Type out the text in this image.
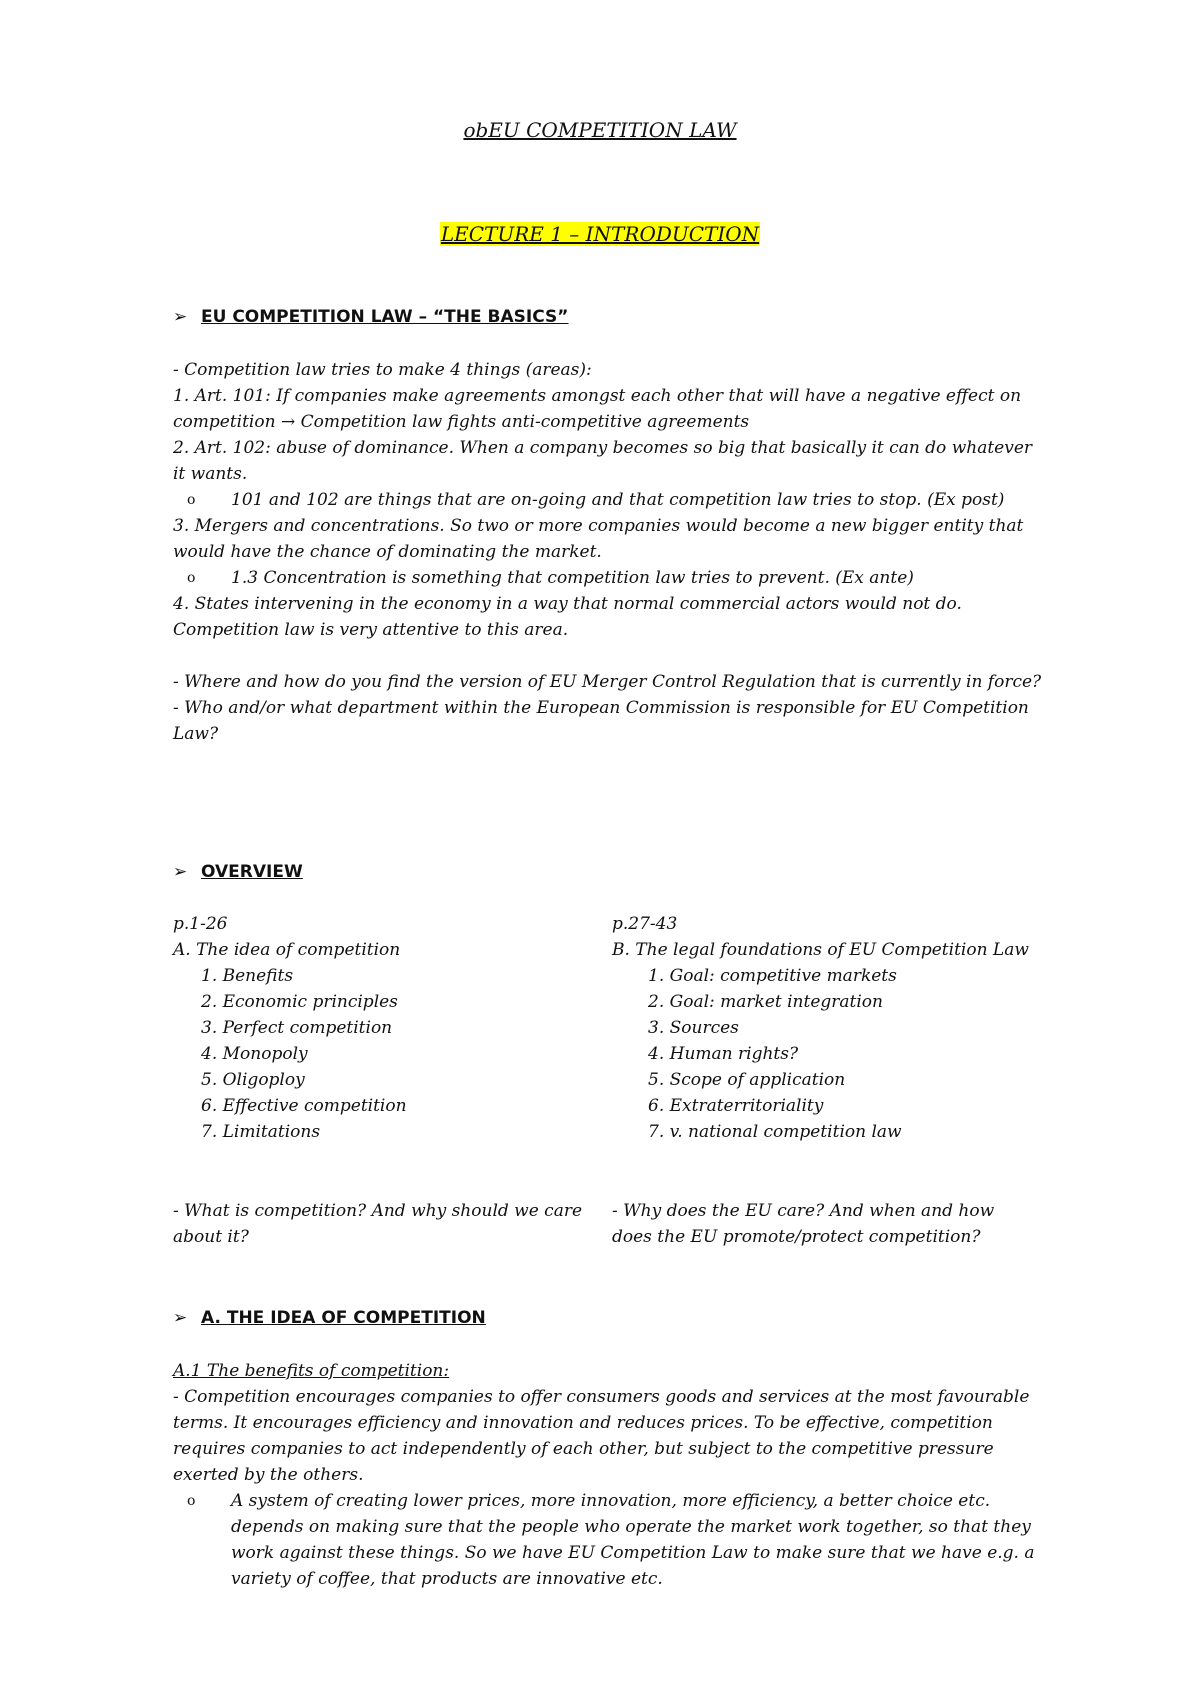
obEU COMPETITION LAW
LECTURE 1 – INTRODUCTION
➢ EU COMPETITION LAW – “THE BASICS”

- Competition law tries to make 4 things (areas):

1. Art. 101: If companies make agreements amongst each other that will have a negative effect on competition → Competition law fights anti-competitive agreements

2. Art. 102: abuse of dominance. When a company becomes so big that basically it can do whatever it wants.

o 101 and 102 are things that are on-going and that competition law tries to stop. (Ex post)

3. Mergers and concentrations. So two or more companies would become a new bigger entity that would have the chance of dominating the market.

o 1.3 Concentration is something that competition law tries to prevent. (Ex ante)

4. States intervening in the economy in a way that normal commercial actors would not do. Competition law is very attentive to this area.

- Where and how do you find the version of EU Merger Control Regulation that is currently in force?

- Who and/or what department within the European Commission is responsible for EU Competition Law?

➢ OVERVIEW

p.1-26

A. The idea of competition

1. Benefits

2. Economic principles

3. Perfect competition

4. Monopoly

5. Oligoploy

6. Effective competition

7. Limitations

p.27-43

B. The legal foundations of EU Competition Law

1. Goal: competitive markets

2. Goal: market integration

3. Sources

4. Human rights?

5. Scope of application

6. Extraterritoriality

7. v. national competition law

- What is competition? And why should we care about it?
- Why does the EU care? And when and how does the EU promote/protect competition?
➢ A. THE IDEA OF COMPETITION

A.1 The benefits of competition:

- Competition encourages companies to offer consumers goods and services at the most favourable terms. It encourages efficiency and innovation and reduces prices. To be effective, competition requires companies to act independently of each other, but subject to the competitive pressure exerted by the others.

o A system of creating lower prices, more innovation, more efficiency, a better choice etc. depends on making sure that the people who operate the market work together, so that they work against these things. So we have EU Competition Law to make sure that we have e.g. a variety of coffee, that products are innovative etc.
